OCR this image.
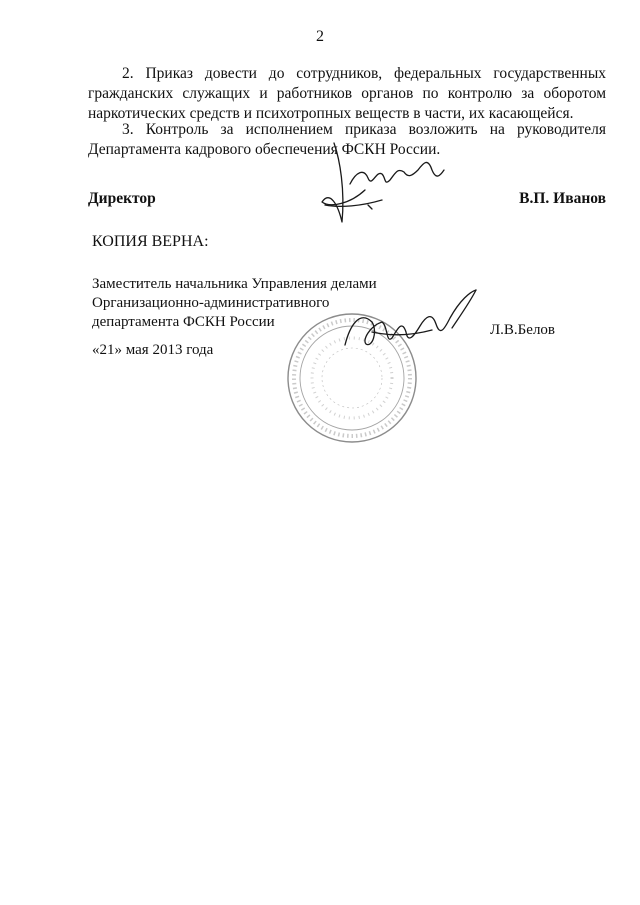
2
2. Приказ довести до сотрудников, федеральных государственных гражданских служащих и работников органов по контролю за оборотом наркотических средств и психотропных веществ в части, их касающейся.
3. Контроль за исполнением приказа возложить на руководителя Департамента кадрового обеспечения ФСКН России.
Директор	В.П. Иванов
КОПИЯ ВЕРНА:
Заместитель начальника Управления делами
Организационно-административного
департамента ФСКН России	Л.В.Белов
«21» мая 2013 года
